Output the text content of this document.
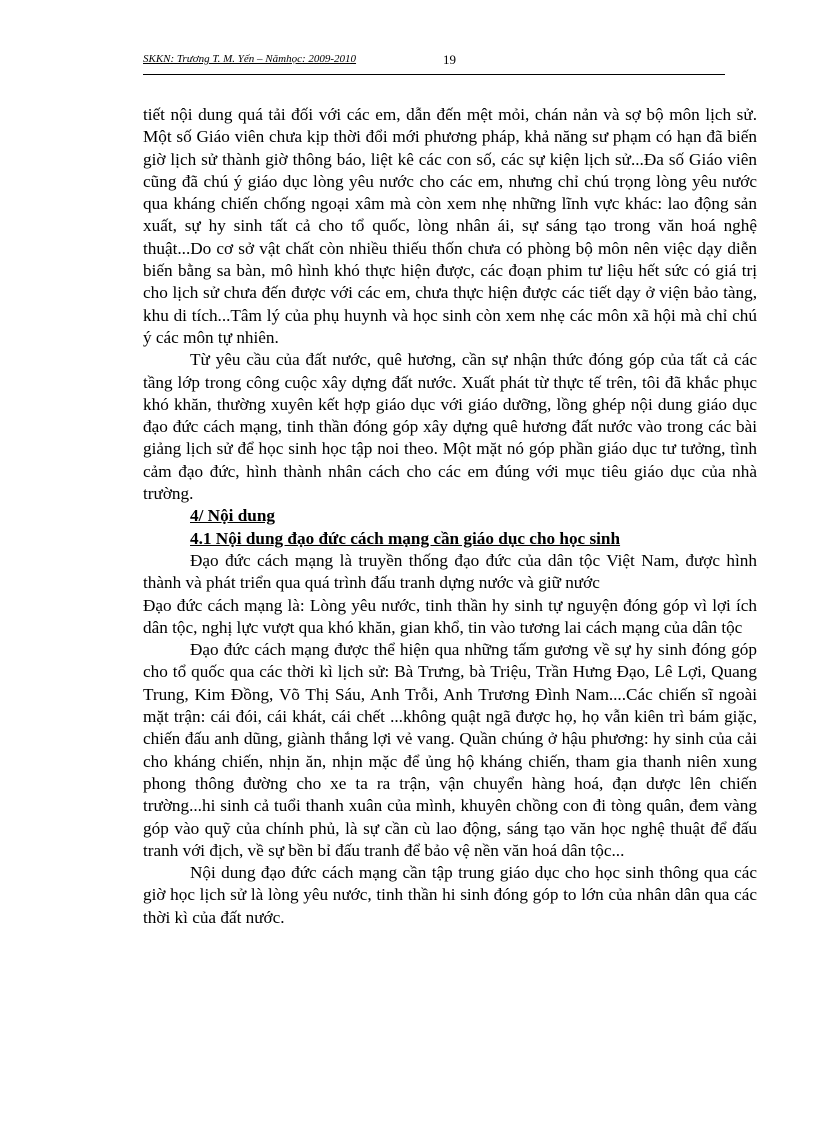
SKKN: Trương T. M. Yến – Nămhọc: 2009-2010	19

tiết nội dung quá tải đối với các em, dẫn đến mệt mỏi, chán nản và sợ bộ môn lịch sử. Một số Giáo viên chưa kịp thời đổi mới phương pháp, khả năng sư phạm có hạn đã biến giờ lịch sử thành giờ thông báo, liệt kê các con số, các sự kiện lịch sử...Đa số Giáo viên cũng đã chú ý giáo dục lòng yêu nước cho các em, nhưng chỉ chú trọng lòng yêu nước qua kháng chiến chống ngoại xâm mà còn xem nhẹ những lĩnh vực khác: lao động sản xuất, sự hy sinh tất cả cho tổ quốc, lòng nhân ái, sự sáng tạo trong văn hoá nghệ thuật...Do cơ sở vật chất còn nhiều thiếu thốn chưa có phòng bộ môn nên việc dạy diễn biến bằng sa bàn, mô hình khó thực hiện được, các đoạn phim tư liệu hết sức có giá trị cho lịch sử chưa đến được với các em, chưa thực hiện được các tiết dạy ở viện bảo tàng, khu di tích...Tâm lý của phụ huynh và học sinh còn xem nhẹ các môn xã hội mà chỉ chú ý các môn tự nhiên.

Từ yêu cầu của đất nước, quê hương, cần sự nhận thức đóng góp của tất cả các tầng lớp trong công cuộc xây dựng đất nước. Xuất phát từ thực tế trên, tôi đã khắc phục khó khăn, thường xuyên kết hợp giáo dục với giáo dưỡng, lồng ghép nội dung giáo dục đạo đức cách mạng, tinh thần đóng góp xây dựng quê hương đất nước vào trong các bài giảng lịch sử để học sinh học tập noi theo. Một mặt nó góp phần giáo dục tư tưởng, tình cảm đạo đức, hình thành nhân cách cho các em đúng với mục tiêu giáo dục của nhà trường.

4/ Nội dung

4.1 Nội dung đạo đức cách mạng cần giáo dục cho học sinh

Đạo đức cách mạng là truyền thống đạo đức của dân tộc Việt Nam, được hình thành và phát triển qua quá trình đấu tranh dựng nước và giữ nước

Đạo đức cách mạng là: Lòng yêu nước, tinh thần hy sinh tự nguyện đóng góp vì lợi ích dân tộc, nghị lực vượt qua khó khăn, gian khổ, tin vào tương lai cách mạng của dân tộc

Đạo đức cách mạng được thể hiện qua những tấm gương về sự hy sinh đóng góp cho tổ quốc qua các thời kì lịch sử: Bà Trưng, bà Triệu, Trần Hưng Đạo, Lê Lợi, Quang Trung, Kim Đồng, Võ Thị Sáu, Anh Trỗi, Anh Trương Đình Nam....Các chiến sĩ ngoài mặt trận: cái đói, cái khát, cái chết ...không quật ngã được họ, họ vẫn kiên trì bám giặc, chiến đấu anh dũng, giành thắng lợi vẻ vang. Quần chúng ở hậu phương: hy sinh của cải cho kháng chiến, nhịn ăn, nhịn mặc để ủng hộ kháng chiến, tham gia thanh niên xung phong thông đường cho xe ta ra trận, vận chuyển hàng hoá, đạn dược lên chiến trường...hi sinh cả tuổi thanh xuân của mình, khuyên chồng con đi tòng quân, đem vàng góp vào quỹ của chính phủ, là sự cần cù lao động, sáng tạo văn học nghệ thuật để đấu tranh với địch, về sự bền bỉ đấu tranh để bảo vệ nền văn hoá dân tộc...

Nội dung đạo đức cách mạng cần tập trung giáo dục cho học sinh thông qua các giờ học lịch sử là lòng yêu nước, tinh thần hi sinh đóng góp to lớn của nhân dân qua các thời kì của đất nước.
